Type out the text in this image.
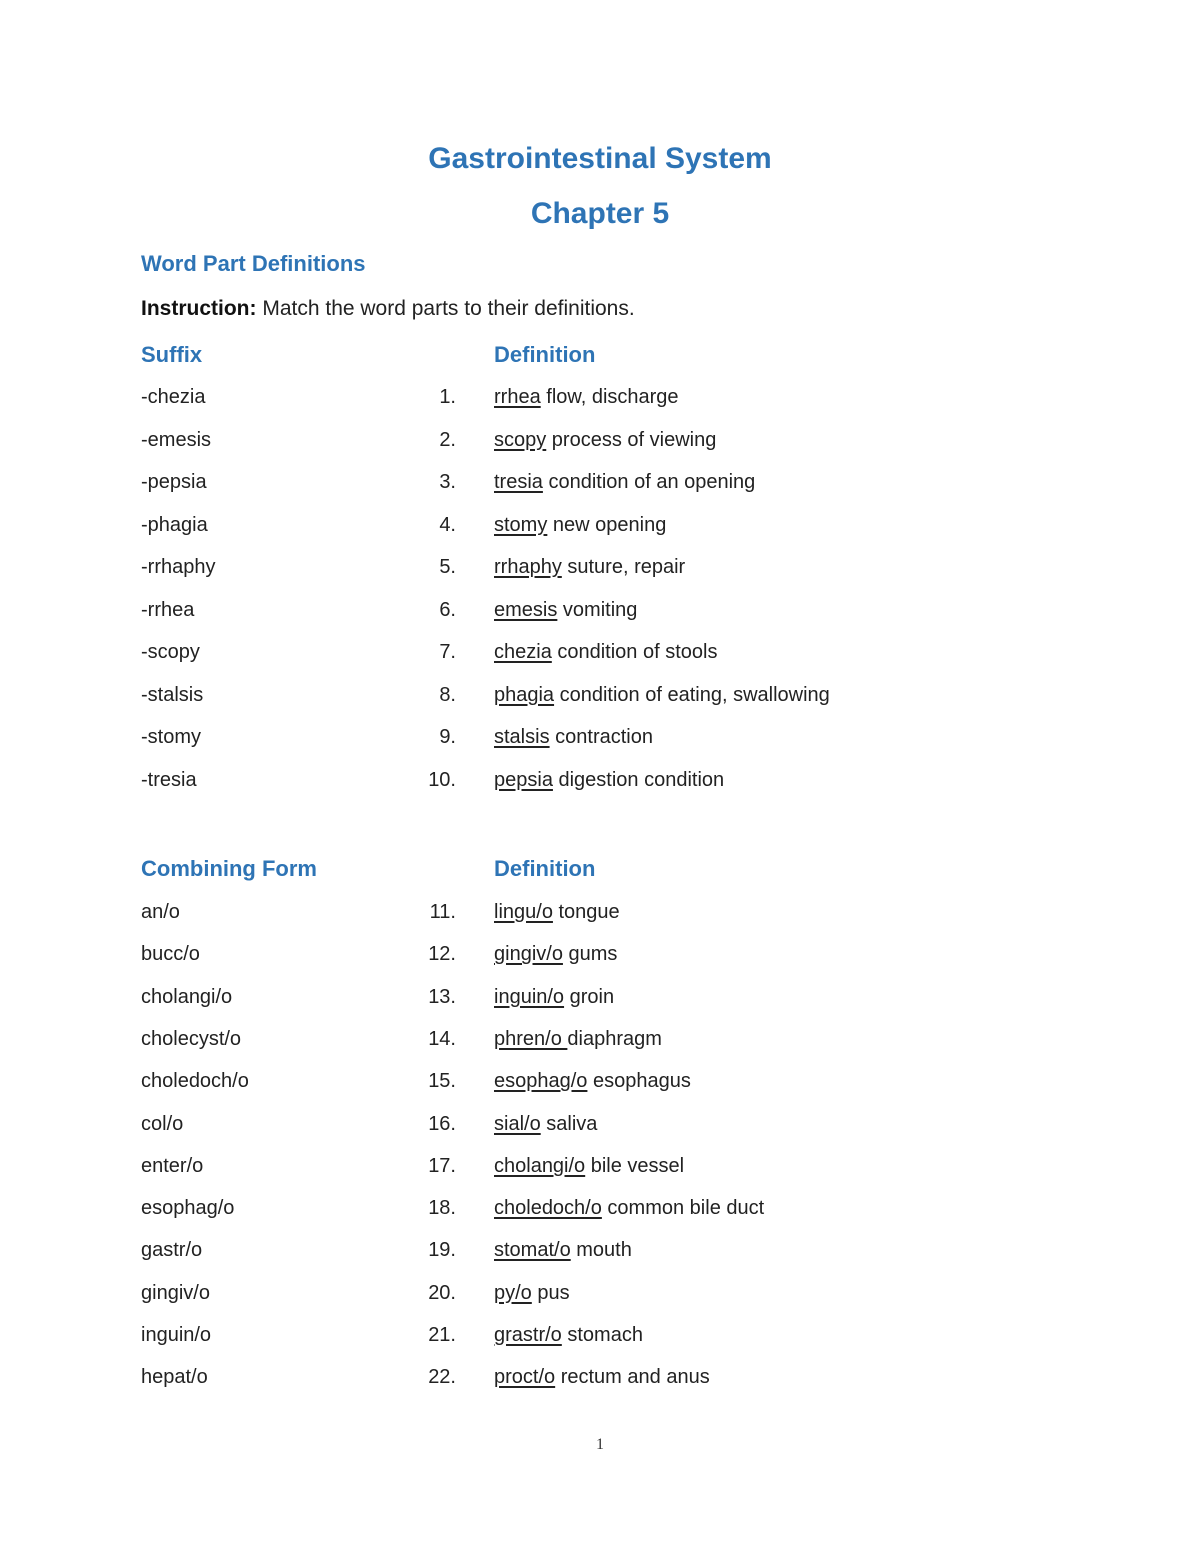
Gastrointestinal System
Chapter 5
Word Part Definitions
Instruction: Match the word parts to their definitions.
Suffix	Definition
-chezia	1. rrhea flow, discharge
-emesis	2. scopy process of viewing
-pepsia	3. tresia condition of an opening
-phagia	4. stomy new opening
-rrhaphy	5. rrhaphy suture, repair
-rrhea	6. emesis vomiting
-scopy	7. chezia condition of stools
-stalsis	8. phagia condition of eating, swallowing
-stomy	9. stalsis contraction
-tresia	10. pepsia digestion condition
Combining Form	Definition
an/o	11. lingu/o tongue
bucc/o	12. gingiv/o gums
cholangi/o	13. inguin/o groin
cholecyst/o	14. phren/o diaphragm
choledoch/o	15. esophag/o esophagus
col/o	16. sial/o saliva
enter/o	17. cholangi/o bile vessel
esophag/o	18. choledoch/o common bile duct
gastr/o	19. stomat/o mouth
gingiv/o	20. py/o pus
inguin/o	21. grastr/o stomach
hepat/o	22. proct/o rectum and anus
1
